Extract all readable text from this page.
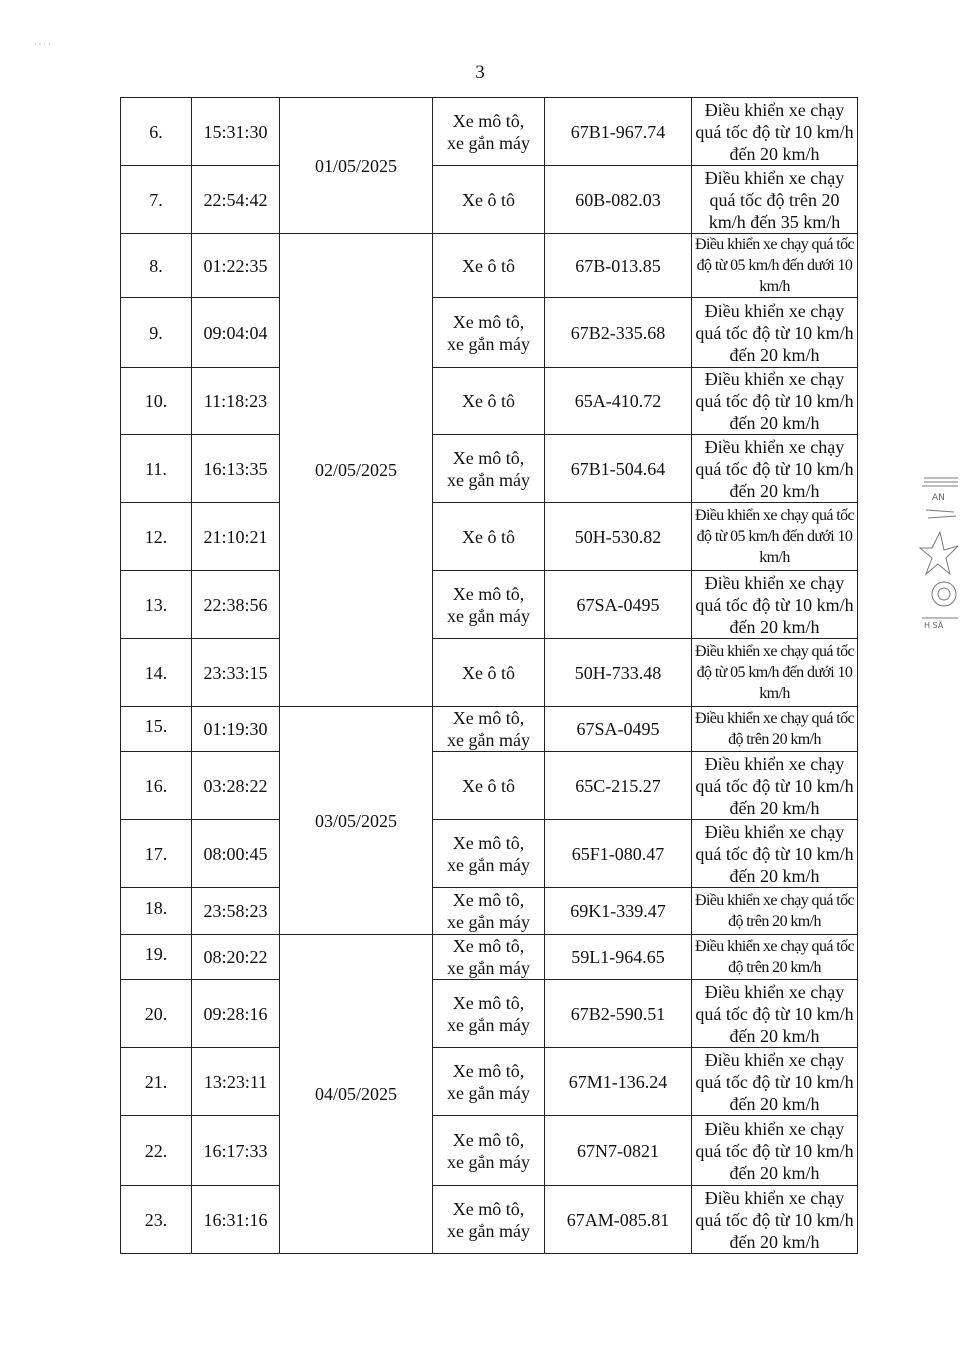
· · · ·
3
6.	15:31:30	01/05/2025	Xe mô tô,
xe gắn máy	67B1-967.74	Điều khiển xe chạy quá tốc độ từ 10 km/h đến 20 km/h
7.	22:54:42		Xe ô tô	60B-082.03	Điều khiển xe chạy quá tốc độ trên 20 km/h đến 35 km/h
8.	01:22:35	02/05/2025	Xe ô tô	67B-013.85	Điều khiển xe chạy quá tốc độ từ 05 km/h đến dưới 10 km/h
9.	09:04:04		Xe mô tô,
xe gắn máy	67B2-335.68	Điều khiển xe chạy quá tốc độ từ 10 km/h đến 20 km/h
10.	11:18:23		Xe ô tô	65A-410.72	Điều khiển xe chạy quá tốc độ từ 10 km/h đến 20 km/h
11.	16:13:35		Xe mô tô,
xe gắn máy	67B1-504.64	Điều khiển xe chạy quá tốc độ từ 10 km/h đến 20 km/h
12.	21:10:21		Xe ô tô	50H-530.82	Điều khiển xe chạy quá tốc độ từ 05 km/h đến dưới 10 km/h
13.	22:38:56		Xe mô tô,
xe gắn máy	67SA-0495	Điều khiển xe chạy quá tốc độ từ 10 km/h đến 20 km/h
14.	23:33:15		Xe ô tô	50H-733.48	Điều khiển xe chạy quá tốc độ từ 05 km/h đến dưới 10 km/h
15.	01:19:30	03/05/2025	Xe mô tô,
xe gắn máy	67SA-0495	Điều khiển xe chạy quá tốc độ trên 20 km/h
16.	03:28:22		Xe ô tô	65C-215.27	Điều khiển xe chạy quá tốc độ từ 10 km/h đến 20 km/h
17.	08:00:45		Xe mô tô,
xe gắn máy	65F1-080.47	Điều khiển xe chạy quá tốc độ từ 10 km/h đến 20 km/h
18.	23:58:23		Xe mô tô,
xe gắn máy	69K1-339.47	Điều khiển xe chạy quá tốc độ trên 20 km/h
19.	08:20:22	04/05/2025	Xe mô tô,
xe gắn máy	59L1-964.65	Điều khiển xe chạy quá tốc độ trên 20 km/h
20.	09:28:16		Xe mô tô,
xe gắn máy	67B2-590.51	Điều khiển xe chạy quá tốc độ từ 10 km/h đến 20 km/h
21.	13:23:11		Xe mô tô,
xe gắn máy	67M1-136.24	Điều khiển xe chạy quá tốc độ từ 10 km/h đến 20 km/h
22.	16:17:33		Xe mô tô,
xe gắn máy	67N7-0821	Điều khiển xe chạy quá tốc độ từ 10 km/h đến 20 km/h
23.	16:31:16		Xe mô tô,
xe gắn máy	67AM-085.81	Điều khiển xe chạy quá tốc độ từ 10 km/h đến 20 km/h
AN
H SÃ
